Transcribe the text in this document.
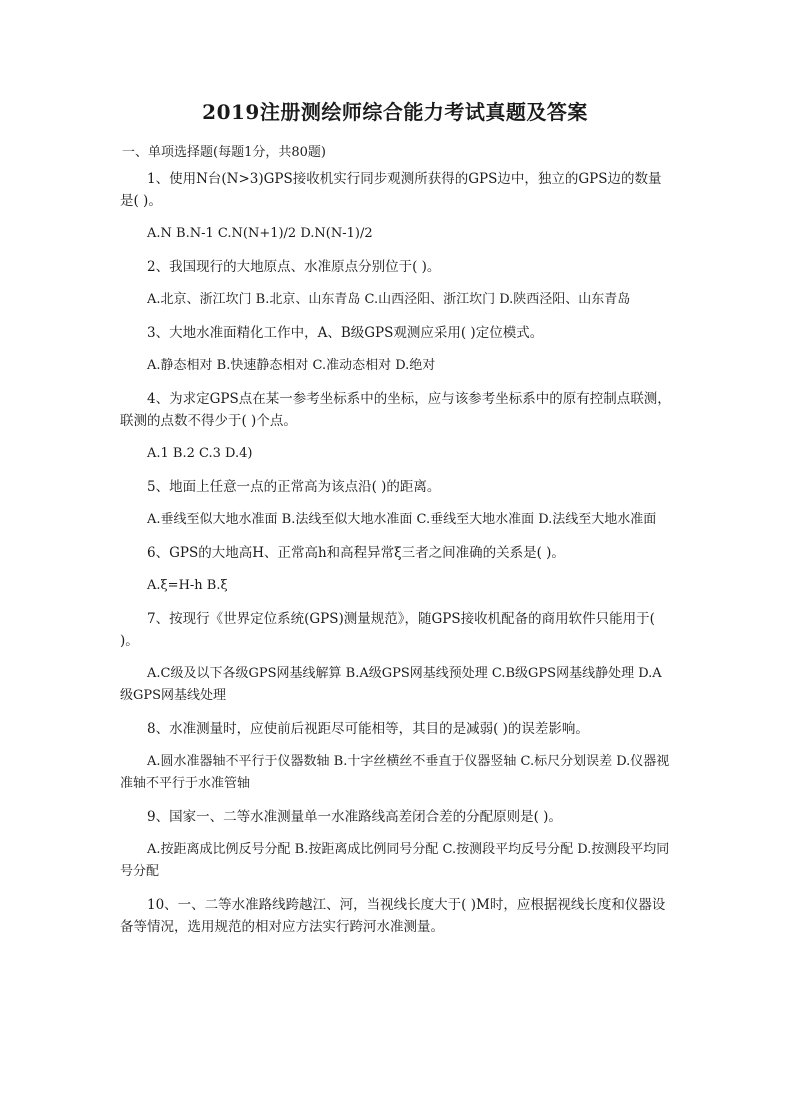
2019注册测绘师综合能力考试真题及答案

一、单项选择题(每题1分，共80题)

1、使用N台(N>3)GPS接收机实行同步观测所获得的GPS边中，独立的GPS边的数量是( )。

A.N B.N-1 C.N(N+1)/2 D.N(N-1)/2

2、我国现行的大地原点、水准原点分别位于( )。

A.北京、浙江坎门 B.北京、山东青岛 C.山西泾阳、浙江坎门 D.陕西泾阳、山东青岛

3、大地水准面精化工作中，A、B级GPS观测应采用( )定位模式。

A.静态相对 B.快速静态相对 C.准动态相对 D.绝对

4、为求定GPS点在某一参考坐标系中的坐标，应与该参考坐标系中的原有控制点联测，联测的点数不得少于( )个点。

A.1 B.2 C.3 D.4)

5、地面上任意一点的正常高为该点沿( )的距离。

A.垂线至似大地水准面 B.法线至似大地水准面 C.垂线至大地水准面 D.法线至大地水准面

6、GPS的大地高H、正常高h和高程异常ξ三者之间准确的关系是( )。

A.ξ=H-h B.ξ

7、按现行《世界定位系统(GPS)测量规范》，随GPS接收机配备的商用软件只能用于( )。

A.C级及以下各级GPS网基线解算 B.A级GPS网基线预处理 C.B级GPS网基线静处理 D.A级GPS网基线处理

8、水准测量时，应使前后视距尽可能相等，其目的是减弱( )的误差影响。

A.圆水准器轴不平行于仪器数轴 B.十字丝横丝不垂直于仪器竖轴 C.标尺分划误差 D.仪器视准轴不平行于水准管轴

9、国家一、二等水准测量单一水准路线高差闭合差的分配原则是( )。

A.按距离成比例反号分配 B.按距离成比例同号分配 C.按测段平均反号分配 D.按测段平均同号分配

10、一、二等水准路线跨越江、河，当视线长度大于( )M时，应根据视线长度和仪器设备等情况，选用规范的相对应方法实行跨河水准测量。
